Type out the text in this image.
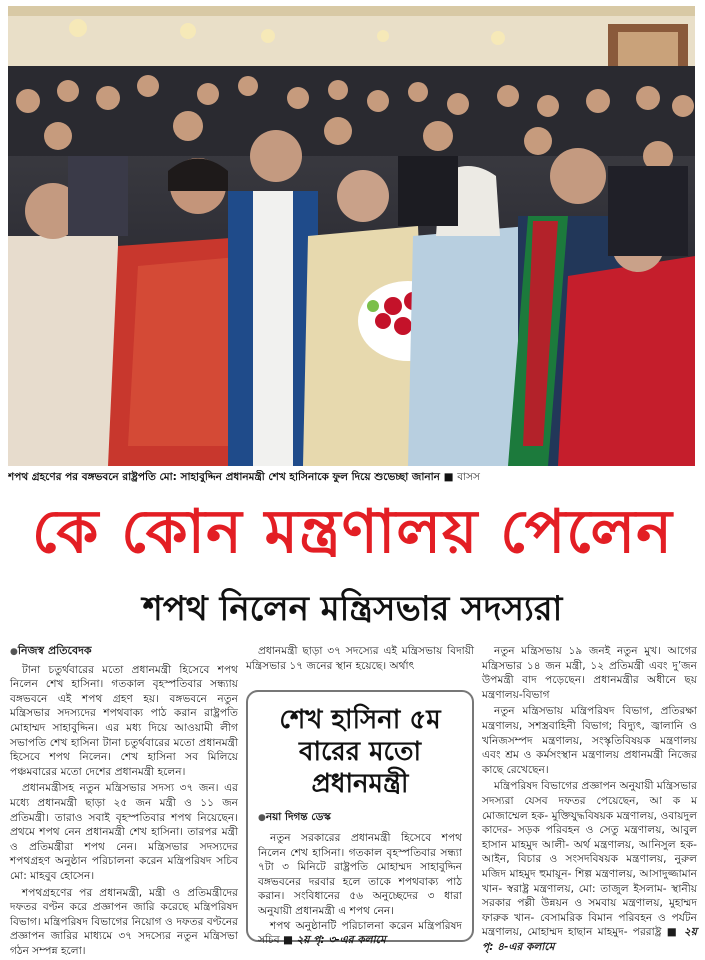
শপথ গ্রহণের পর বঙ্গভবনে রাষ্ট্রপতি মো: সাহাবুদ্দিন প্রধানমন্ত্রী শেখ হাসিনাকে ফুল দিয়ে শুভেচ্ছা জানান ■ বাসস
কে কোন মন্ত্রণালয় পেলেন
শপথ নিলেন মন্ত্রিসভার সদস্যরা
● নিজস্ব প্রতিবেদক

টানা চতুর্থবারের মতো প্রধানমন্ত্রী হিসেবে শপথ নিলেন শেখ হাসিনা। গতকাল বৃহস্পতিবার সন্ধ্যায় বঙ্গভবনে এই শপথ গ্রহণ হয়। বঙ্গভবনে নতুন মন্ত্রিসভার সদস্যদের শপথবাক্য পাঠ করান রাষ্ট্রপতি মোহাম্মদ সাহাবুদ্দিন। এর মধ্য দিয়ে আওয়ামী লীগ সভাপতি শেখ হাসিনা টানা চতুর্থবারের মতো প্রধানমন্ত্রী হিসেবে শপথ নিলেন। শেখ হাসিনা সব মিলিয়ে পঞ্চমবারের মতো দেশের প্রধানমন্ত্রী হলেন।

প্রধানমন্ত্রীসহ নতুন মন্ত্রিসভার সদস্য ৩৭ জন। এর মধ্যে প্রধানমন্ত্রী ছাড়া ২৫ জন মন্ত্রী ও ১১ জন প্রতিমন্ত্রী। তারাও সবাই বৃহস্পতিবার শপথ নিয়েছেন। প্রথমে শপথ নেন প্রধানমন্ত্রী শেখ হাসিনা। তারপর মন্ত্রী ও প্রতিমন্ত্রীরা শপথ নেন। মন্ত্রিসভার সদস্যদের শপথগ্রহণ অনুষ্ঠান পরিচালনা করেন মন্ত্রিপরিষদ সচিব মো: মাহবুব হোসেন।

শপথগ্রহণের পর প্রধানমন্ত্রী, মন্ত্রী ও প্রতিমন্ত্রীদের দফতর বণ্টন করে প্রজ্ঞাপন জারি করেছে মন্ত্রিপরিষদ বিভাগ। মন্ত্রিপরিষদ বিভাগের নিয়োগ ও দফতর বণ্টনের প্রজ্ঞাপন জারির মাধ্যমে ৩৭ সদস্যের নতুন মন্ত্রিসভা গঠন সম্পন্ন হলো।

প্রধানমন্ত্রী ছাড়া ৩৭ সদস্যের এই মন্ত্রিসভায় বিদায়ী মন্ত্রিসভার ১৭ জনের স্থান হয়েছে। অর্থাৎ

শেখ হাসিনা ৫ম বারের মতো প্রধানমন্ত্রী
● নয়া দিগন্ত ডেস্ক

নতুন সরকারের প্রধানমন্ত্রী হিসেবে শপথ নিলেন শেখ হাসিনা। গতকাল বৃহস্পতিবার সন্ধ্যা ৭টা ৩ মিনিটে রাষ্ট্রপতি মোহাম্মদ সাহাবুদ্দিন বঙ্গভবনের দরবার হলে তাকে শপথবাক্য পাঠ করান। সংবিধানের ৫৬ অনুচ্ছেদের ৩ ধারা অনুযায়ী প্রধানমন্ত্রী এ শপথ নেন।

শপথ অনুষ্ঠানটি পরিচালনা করেন মন্ত্রিপরিষদ সচিব ■ ২য় পৃ: ৩-এর কলামে

নতুন মন্ত্রিসভায় ১৯ জনই নতুন মুখ। আগের মন্ত্রিসভার ১৪ জন মন্ত্রী, ১২ প্রতিমন্ত্রী এবং দু’জন উপমন্ত্রী বাদ পড়েছেন। প্রধানমন্ত্রীর অধীনে ছয় মন্ত্রণালয়-বিভাগ

নতুন মন্ত্রিসভায় মন্ত্রিপরিষদ বিভাগ, প্রতিরক্ষা মন্ত্রণালয়, সশস্ত্রবাহিনী বিভাগ; বিদ্যুৎ, জ্বালানি ও খনিজসম্পদ মন্ত্রণালয়, সংস্কৃতিবিষয়ক মন্ত্রণালয় এবং শ্রম ও কর্মসংস্থান মন্ত্রণালয় প্রধানমন্ত্রী নিজের কাছে রেখেছেন।

মন্ত্রিপরিষদ বিভাগের প্রজ্ঞাপন অনুযায়ী মন্ত্রিসভার সদস্যরা যেসব দফতর পেয়েছেন, আ ক ম মোজাম্মেল হক- মুক্তিযুদ্ধবিষয়ক মন্ত্রণালয়, ওবায়দুল কাদের- সড়ক পরিবহন ও সেতু মন্ত্রণালয়, আবুল হাসান মাহমুদ আলী- অর্থ মন্ত্রণালয়, আনিসুল হক- আইন, বিচার ও সংসদবিষয়ক মন্ত্রণালয়, নুরুল মজিদ মাহমুদ হুমায়ূন- শিল্প মন্ত্রণালয়, আসাদুজ্জামান খান- স্বরাষ্ট্র মন্ত্রণালয়, মো: তাজুল ইসলাম- স্থানীয় সরকার পল্লী উন্নয়ন ও সমবায় মন্ত্রণালয়, মুহাম্মদ ফারুক খান- বেসামরিক বিমান পরিবহন ও পর্যটন মন্ত্রণালয়, মোহাম্মদ হাছান মাহমুদ- পররাষ্ট্র ■ ২য় পৃ: ৪-এর কলামে
